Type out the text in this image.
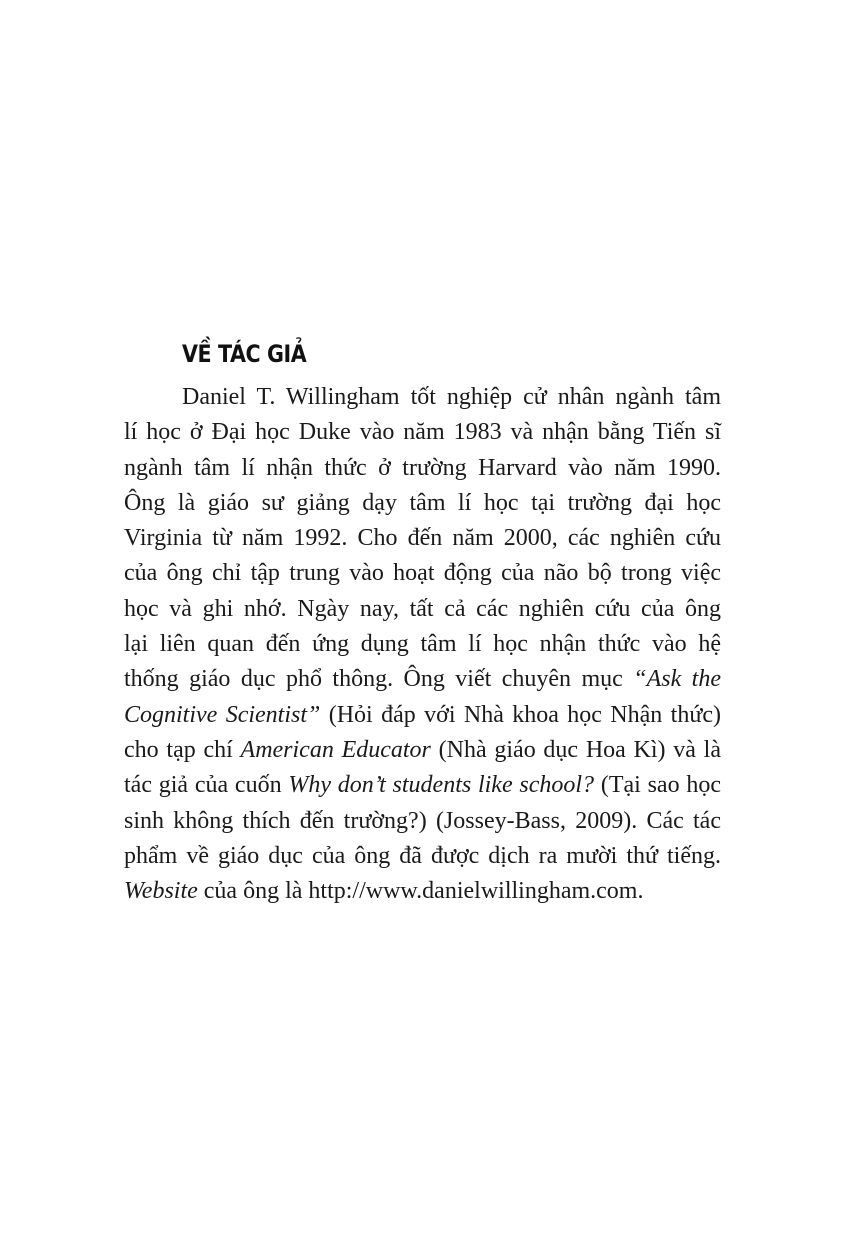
VỀ TÁC GIẢ
Daniel T. Willingham tốt nghiệp cử nhân ngành tâm
lí học ở Đại học Duke vào năm 1983 và nhận bằng Tiến sĩ
ngành tâm lí nhận thức ở trường Harvard vào năm 1990.
Ông là giáo sư giảng dạy tâm lí học tại trường đại học
Virginia từ năm 1992. Cho đến năm 2000, các nghiên cứu
của ông chỉ tập trung vào hoạt động của não bộ trong việc
học và ghi nhớ. Ngày nay, tất cả các nghiên cứu của ông
lại liên quan đến ứng dụng tâm lí học nhận thức vào hệ
thống giáo dục phổ thông. Ông viết chuyên mục “Ask the
Cognitive Scientist” (Hỏi đáp với Nhà khoa học Nhận thức)
cho tạp chí American Educator (Nhà giáo dục Hoa Kì) và là
tác giả của cuốn Why don’t students like school? (Tại sao học
sinh không thích đến trường?) (Jossey-Bass, 2009). Các tác
phẩm về giáo dục của ông đã được dịch ra mười thứ tiếng.
Website của ông là http://www.danielwillingham.com.
